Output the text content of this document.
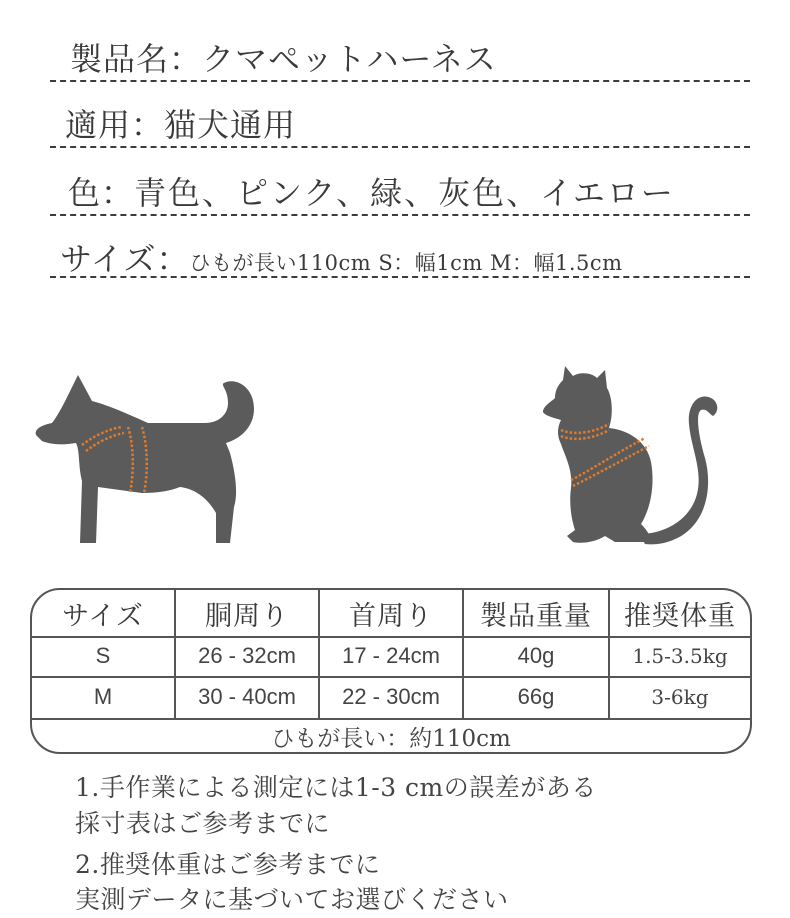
製品名：クマペットハーネス
適用：猫犬通用
色：青色、ピンク、緑、灰色、イエロー
サイズ：ひもが長い110cm S：幅1cm M：幅1.5cm
サイズ	胴周り	首周り	製品重量	推奨体重
S	26 - 32cm	17 - 24cm	40g	1.5-3.5kg
M	30 - 40cm	22 - 30cm	66g	3-6kg
ひもが長い：約110cm
1.手作業による測定には1-3 cmの誤差がある
採寸表はご参考までに
2.推奨体重はご参考までに
実測データに基づいてお選びください
